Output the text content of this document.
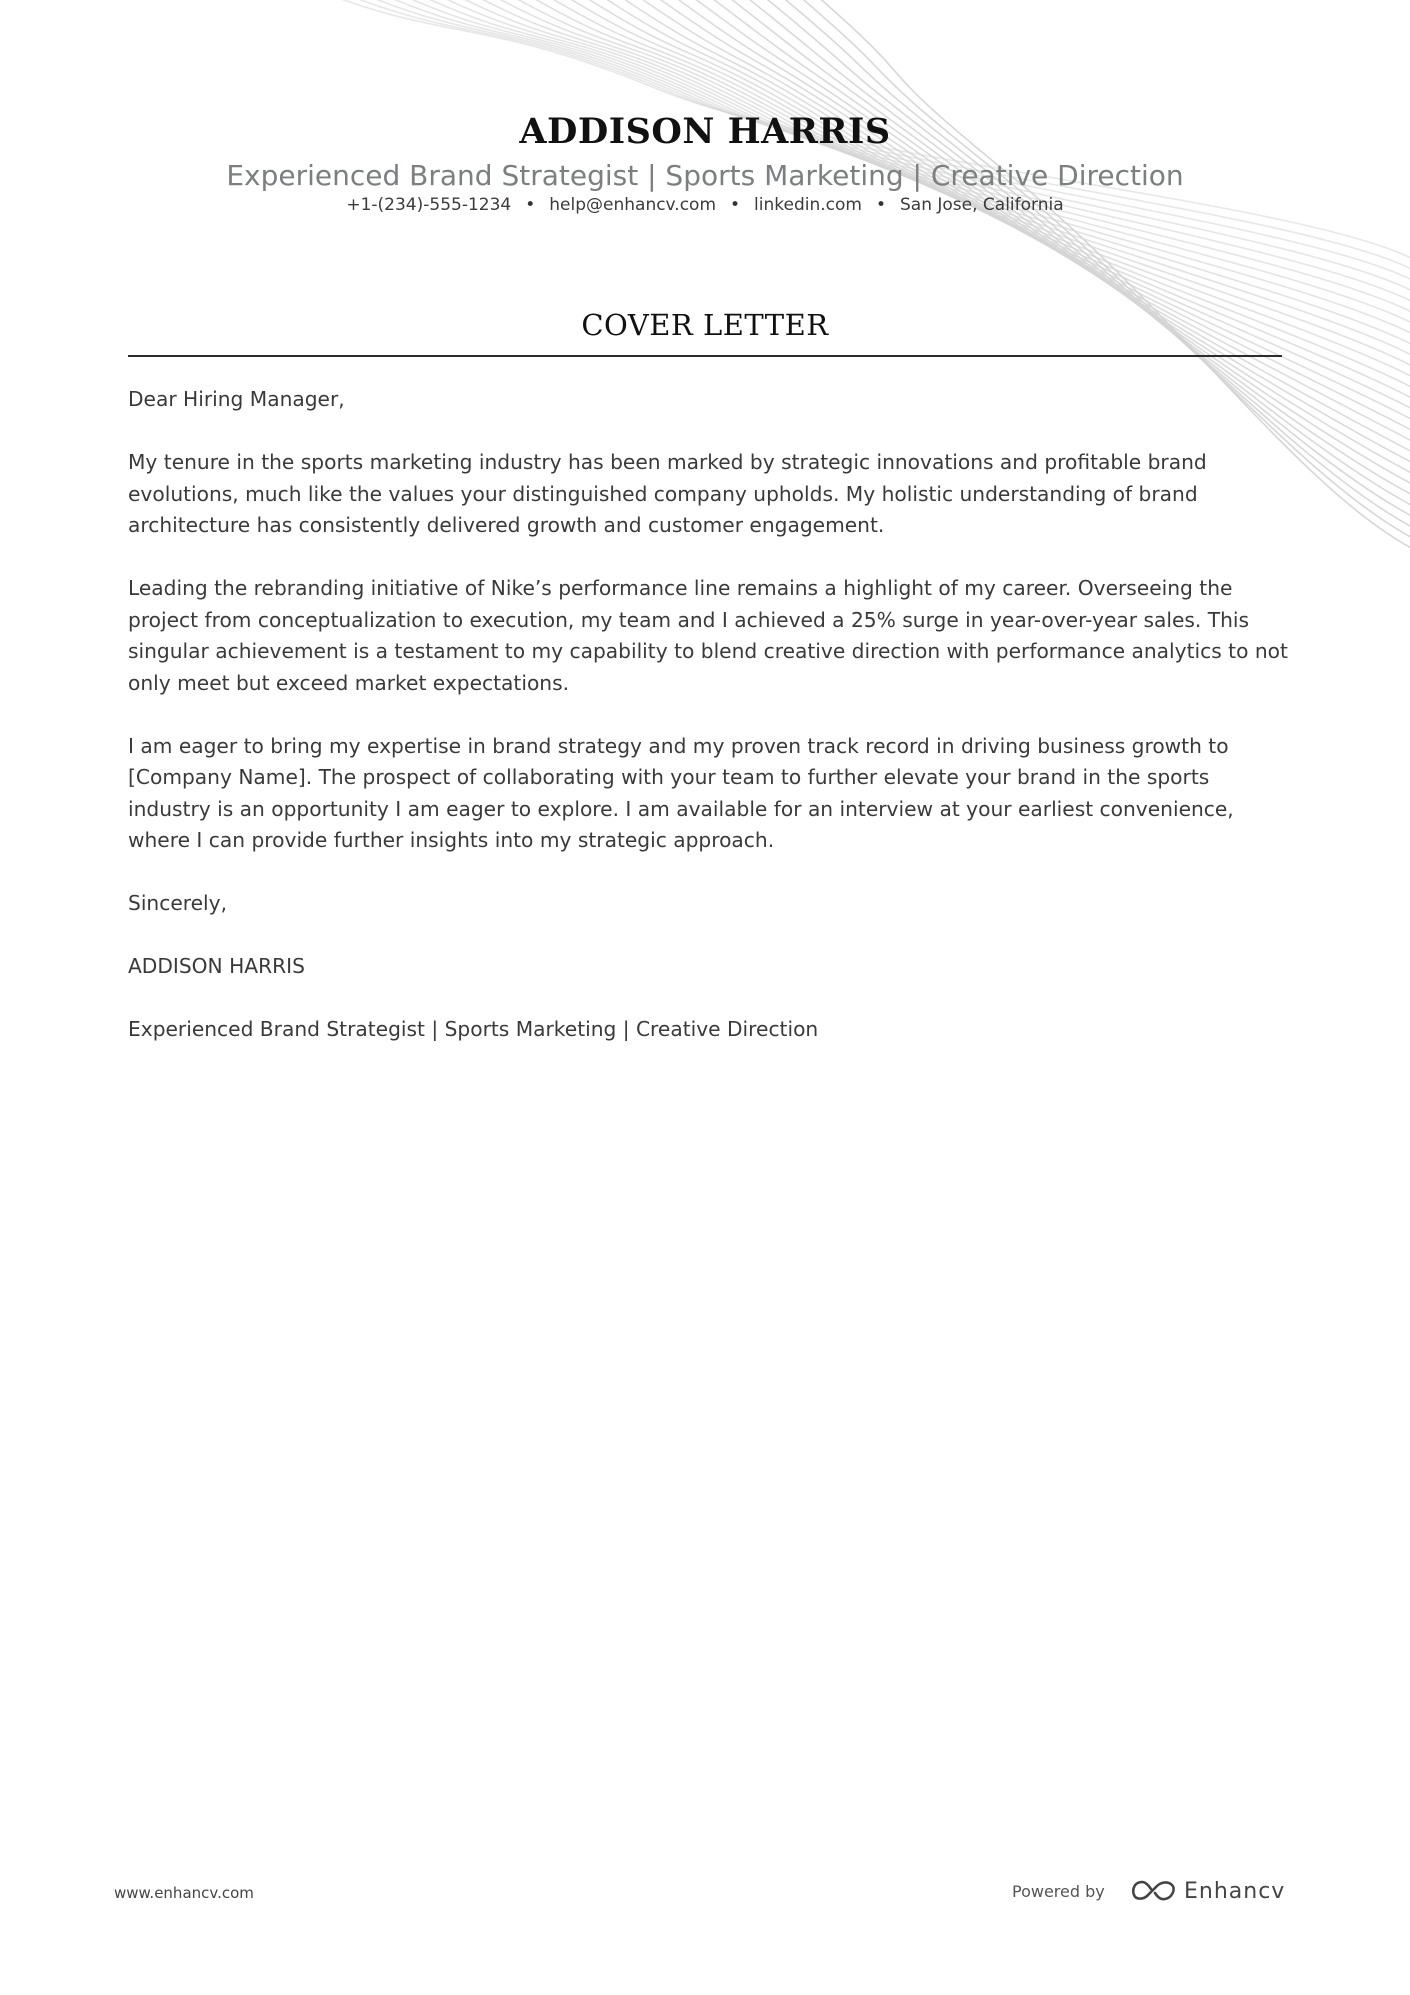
ADDISON HARRIS
Experienced Brand Strategist | Sports Marketing | Creative Direction
+1-(234)-555-1234 • help@enhancv.com • linkedin.com • San Jose, California
COVER LETTER

Dear Hiring Manager,

My tenure in the sports marketing industry has been marked by strategic innovations and profitable brand evolutions, much like the values your distinguished company upholds. My holistic understanding of brand architecture has consistently delivered growth and customer engagement.

Leading the rebranding initiative of Nike’s performance line remains a highlight of my career. Overseeing the project from conceptualization to execution, my team and I achieved a 25% surge in year-over-year sales. This singular achievement is a testament to my capability to blend creative direction with performance analytics to not only meet but exceed market expectations.

I am eager to bring my expertise in brand strategy and my proven track record in driving business growth to [Company Name]. The prospect of collaborating with your team to further elevate your brand in the sports industry is an opportunity I am eager to explore. I am available for an interview at your earliest convenience, where I can provide further insights into my strategic approach.

Sincerely,

ADDISON HARRIS

Experienced Brand Strategist | Sports Marketing | Creative Direction

www.enhancv.com	Powered by	Enhancv
